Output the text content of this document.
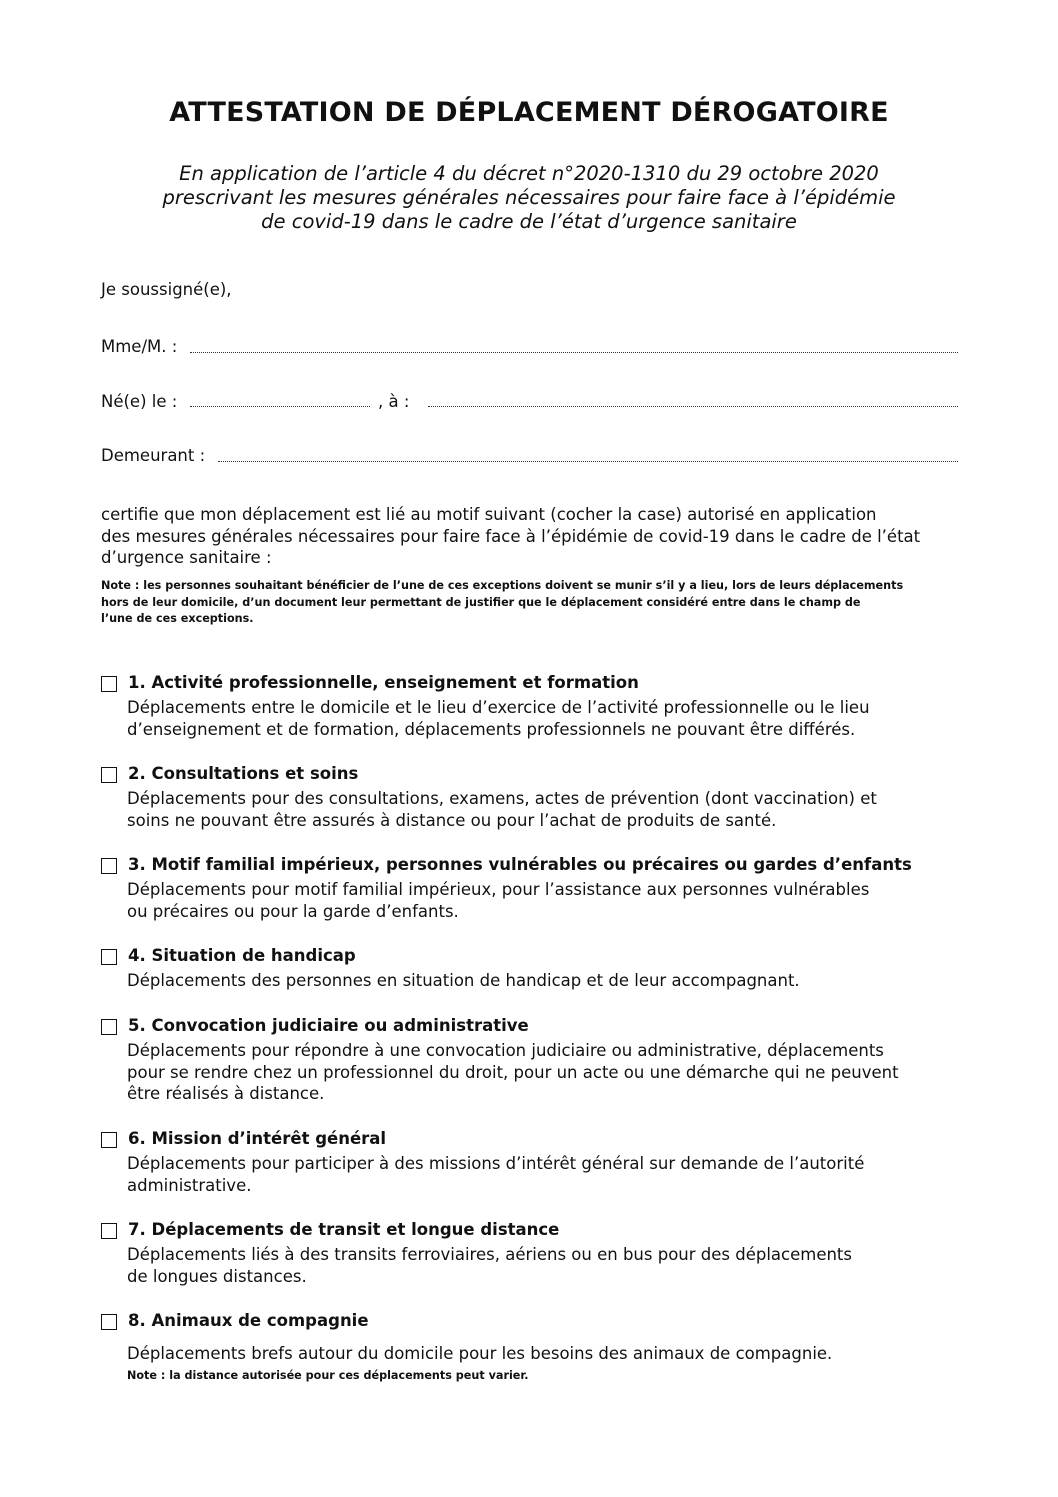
ATTESTATION DE DÉPLACEMENT DÉROGATOIRE
En application de l’article 4 du décret n°2020-1310 du 29 octobre 2020
prescrivant les mesures générales nécessaires pour faire face à l’épidémie
de covid-19 dans le cadre de l’état d’urgence sanitaire
Je soussigné(e),
Mme/M. :
Né(e) le :	, à :
Demeurant :
certifie que mon déplacement est lié au motif suivant (cocher la case) autorisé en application
des mesures générales nécessaires pour faire face à l’épidémie de covid-19 dans le cadre de l’état
d’urgence sanitaire :
Note : les personnes souhaitant bénéficier de l’une de ces exceptions doivent se munir s’il y a lieu, lors de leurs déplacements
hors de leur domicile, d’un document leur permettant de justifier que le déplacement considéré entre dans le champ de
l’une de ces exceptions.
1. Activité professionnelle, enseignement et formation
Déplacements entre le domicile et le lieu d’exercice de l’activité professionnelle ou le lieu
d’enseignement et de formation, déplacements professionnels ne pouvant être différés.
2. Consultations et soins
Déplacements pour des consultations, examens, actes de prévention (dont vaccination) et
soins ne pouvant être assurés à distance ou pour l’achat de produits de santé.
3. Motif familial impérieux, personnes vulnérables ou précaires ou gardes d’enfants
Déplacements pour motif familial impérieux, pour l’assistance aux personnes vulnérables
ou précaires ou pour la garde d’enfants.
4. Situation de handicap
Déplacements des personnes en situation de handicap et de leur accompagnant.
5. Convocation judiciaire ou administrative
Déplacements pour répondre à une convocation judiciaire ou administrative, déplacements
pour se rendre chez un professionnel du droit, pour un acte ou une démarche qui ne peuvent
être réalisés à distance.
6. Mission d’intérêt général
Déplacements pour participer à des missions d’intérêt général sur demande de l’autorité
administrative.
7. Déplacements de transit et longue distance
Déplacements liés à des transits ferroviaires, aériens ou en bus pour des déplacements
de longues distances.
8. Animaux de compagnie
Déplacements brefs autour du domicile pour les besoins des animaux de compagnie.
Note : la distance autorisée pour ces déplacements peut varier.
